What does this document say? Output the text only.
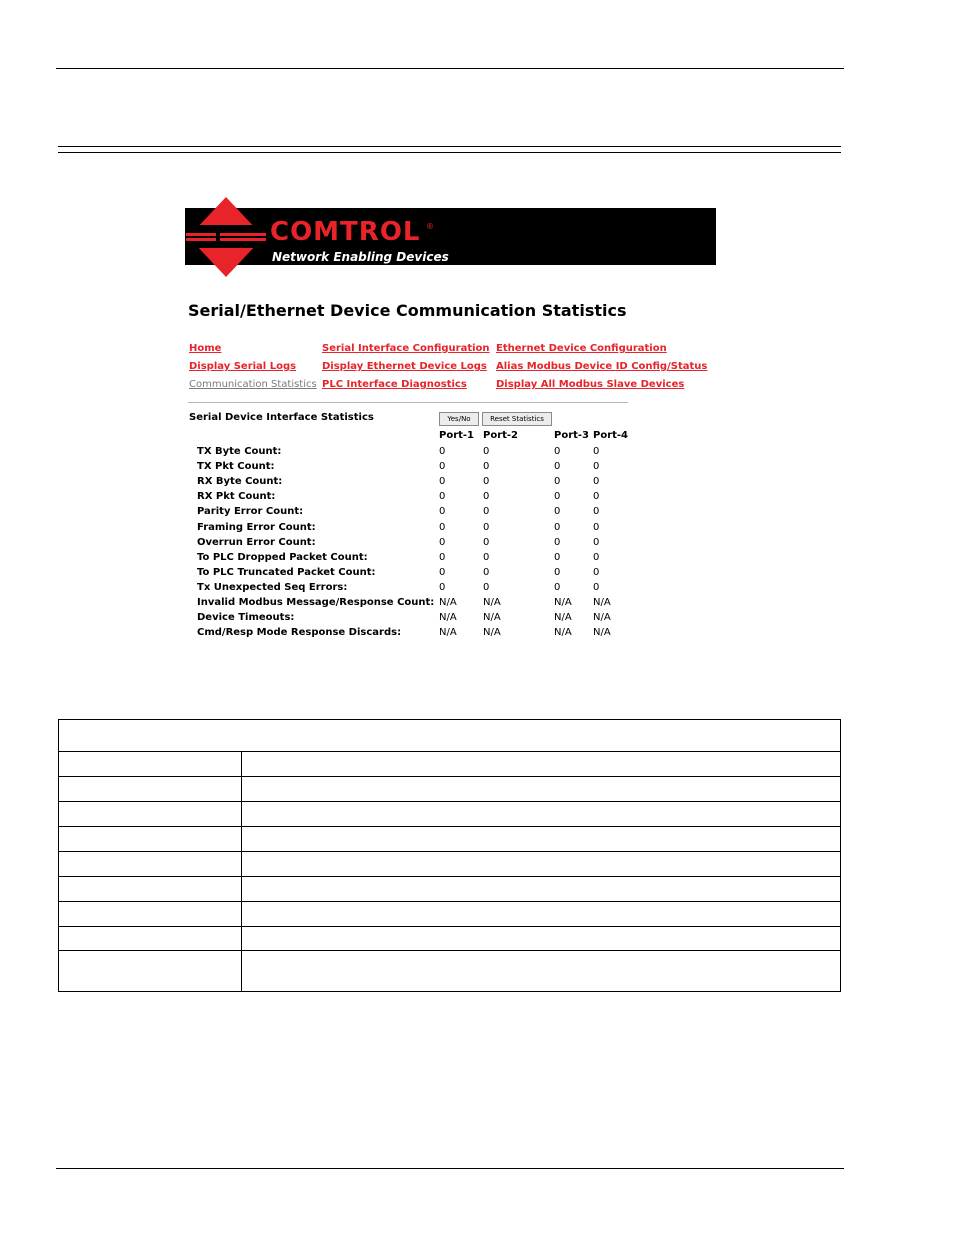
COMTROL ®
Network Enabling Devices
Serial/Ethernet Device Communication Statistics
Home	Serial Interface Configuration Ethernet Device Configuration
Display Serial Logs	Display Ethernet Device Logs Alias Modbus Device ID Config/Status
Communication Statistics PLC Interface Diagnostics	Display All Modbus Slave Devices
Serial Device Interface Statistics	Yes/No	Reset Statistics
Port-1 Port-2	Port-3 Port-4
TX Byte Count:	0	0	0	0
TX Pkt Count:	0	0	0	0
RX Byte Count:	0	0	0	0
RX Pkt Count:	0	0	0	0
Parity Error Count:	0	0	0	0
Framing Error Count:	0	0	0	0
Overrun Error Count:	0	0	0	0
To PLC Dropped Packet Count:	0	0	0	0
To PLC Truncated Packet Count:	0	0	0	0
Tx Unexpected Seq Errors:	0	0	0	0
Invalid Modbus Message/Response Count: N/A	N/A	N/A N/A
Device Timeouts:	N/A	N/A	N/A N/A
Cmd/Resp Mode Response Discards:	N/A	N/A	N/A N/A
